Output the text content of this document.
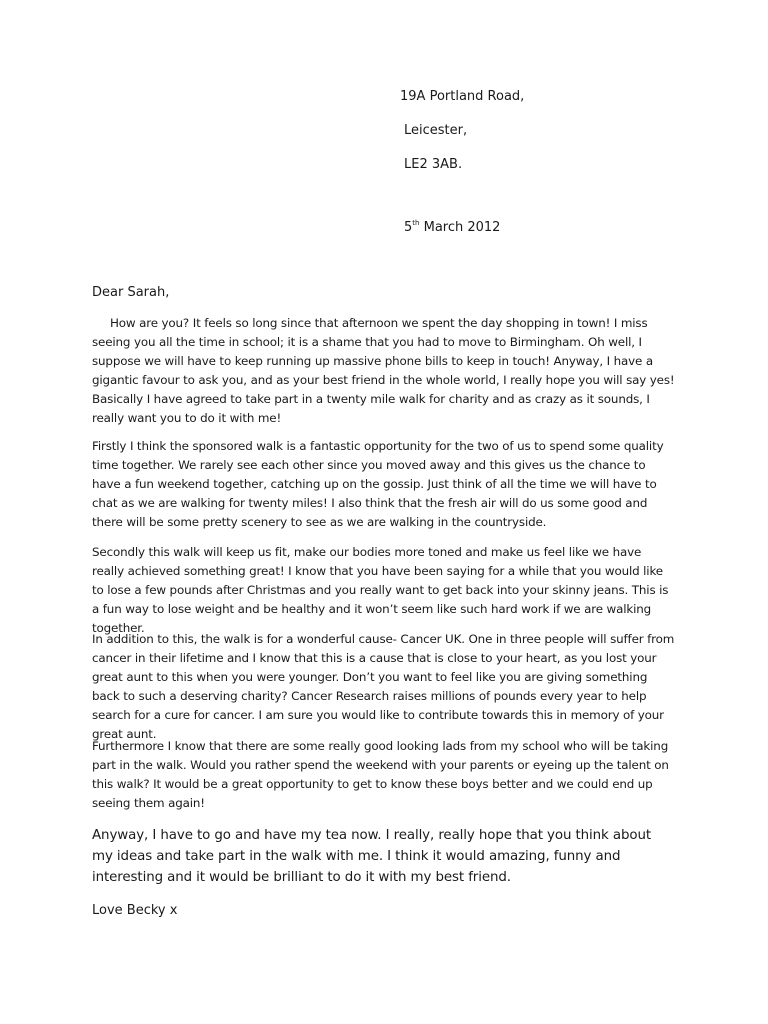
19A Portland Road,
Leicester,
LE2 3AB.
5th March 2012
Dear Sarah,
How are you? It feels so long since that afternoon we spent the day shopping in town! I miss seeing you all the time in school; it is a shame that you had to move to Birmingham. Oh well, I suppose we will have to keep running up massive phone bills to keep in touch! Anyway, I have a gigantic favour to ask you, and as your best friend in the whole world, I really hope you will say yes! Basically I have agreed to take part in a twenty mile walk for charity and as crazy as it sounds, I really want you to do it with me!
Firstly I think the sponsored walk is a fantastic opportunity for the two of us to spend some quality time together. We rarely see each other since you moved away and this gives us the chance to have a fun weekend together, catching up on the gossip. Just think of all the time we will have to chat as we are walking for twenty miles! I also think that the fresh air will do us some good and there will be some pretty scenery to see as we are walking in the countryside.
Secondly this walk will keep us fit, make our bodies more toned and make us feel like we have really achieved something great! I know that you have been saying for a while that you would like to lose a few pounds after Christmas and you really want to get back into your skinny jeans. This is a fun way to lose weight and be healthy and it won’t seem like such hard work if we are walking together.
In addition to this, the walk is for a wonderful cause- Cancer UK. One in three people will suffer from cancer in their lifetime and I know that this is a cause that is close to your heart, as you lost your great aunt to this when you were younger. Don’t you want to feel like you are giving something back to such a deserving charity? Cancer Research raises millions of pounds every year to help search for a cure for cancer. I am sure you would like to contribute towards this in memory of your great aunt.
Furthermore I know that there are some really good looking lads from my school who will be taking part in the walk. Would you rather spend the weekend with your parents or eyeing up the talent on this walk? It would be a great opportunity to get to know these boys better and we could end up seeing them again!
Anyway, I have to go and have my tea now. I really, really hope that you think about my ideas and take part in the walk with me. I think it would amazing, funny and interesting and it would be brilliant to do it with my best friend.
Love Becky x
